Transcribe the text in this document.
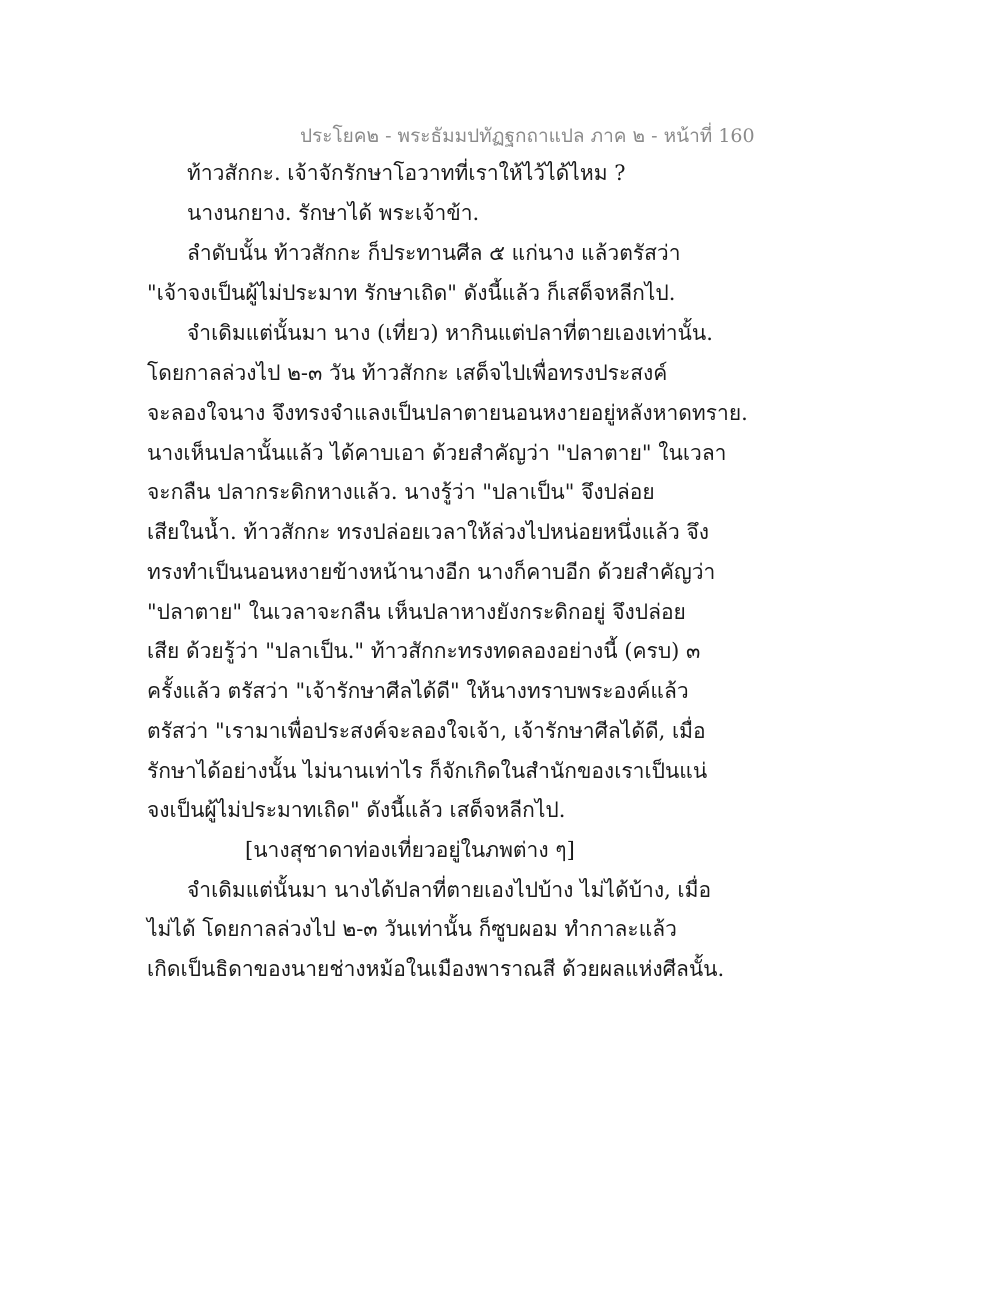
ประโยค๒ - พระธัมมปทัฏฐกถาแปล ภาค ๒ - หน้าที่ 160
ท้าวสักกะ. เจ้าจักรักษาโอวาทที่เราให้ไว้ได้ไหม ?
นางนกยาง. รักษาได้ พระเจ้าข้า.
ลำดับนั้น ท้าวสักกะ ก็ประทานศีล ๕ แก่นาง แล้วตรัสว่า
"เจ้าจงเป็นผู้ไม่ประมาท รักษาเถิด" ดังนี้แล้ว ก็เสด็จหลีกไป.
จำเดิมแต่นั้นมา นาง (เที่ยว) หากินแต่ปลาที่ตายเองเท่านั้น.
โดยกาลล่วงไป ๒-๓ วัน ท้าวสักกะ เสด็จไปเพื่อทรงประสงค์
จะลองใจนาง จึงทรงจำแลงเป็นปลาตายนอนหงายอยู่หลังหาดทราย.
นางเห็นปลานั้นแล้ว ได้คาบเอา ด้วยสำคัญว่า "ปลาตาย" ในเวลา
จะกลืน ปลากระดิกหางแล้ว. นางรู้ว่า "ปลาเป็น" จึงปล่อย
เสียในน้ำ. ท้าวสักกะ ทรงปล่อยเวลาให้ล่วงไปหน่อยหนึ่งแล้ว จึง
ทรงทำเป็นนอนหงายข้างหน้านางอีก นางก็คาบอีก ด้วยสำคัญว่า
"ปลาตาย" ในเวลาจะกลืน เห็นปลาหางยังกระดิกอยู่ จึงปล่อย
เสีย ด้วยรู้ว่า "ปลาเป็น." ท้าวสักกะทรงทดลองอย่างนี้ (ครบ) ๓
ครั้งแล้ว ตรัสว่า "เจ้ารักษาศีลได้ดี" ให้นางทราบพระองค์แล้ว
ตรัสว่า "เรามาเพื่อประสงค์จะลองใจเจ้า, เจ้ารักษาศีลได้ดี, เมื่อ
รักษาได้อย่างนั้น ไม่นานเท่าไร ก็จักเกิดในสำนักของเราเป็นแน่
จงเป็นผู้ไม่ประมาทเถิด" ดังนี้แล้ว เสด็จหลีกไป.
[นางสุชาดาท่องเที่ยวอยู่ในภพต่าง ๆ]
จำเดิมแต่นั้นมา นางได้ปลาที่ตายเองไปบ้าง ไม่ได้บ้าง, เมื่อ
ไม่ได้ โดยกาลล่วงไป ๒-๓ วันเท่านั้น ก็ซูบผอม ทำกาละแล้ว
เกิดเป็นธิดาของนายช่างหม้อในเมืองพาราณสี ด้วยผลแห่งศีลนั้น.
